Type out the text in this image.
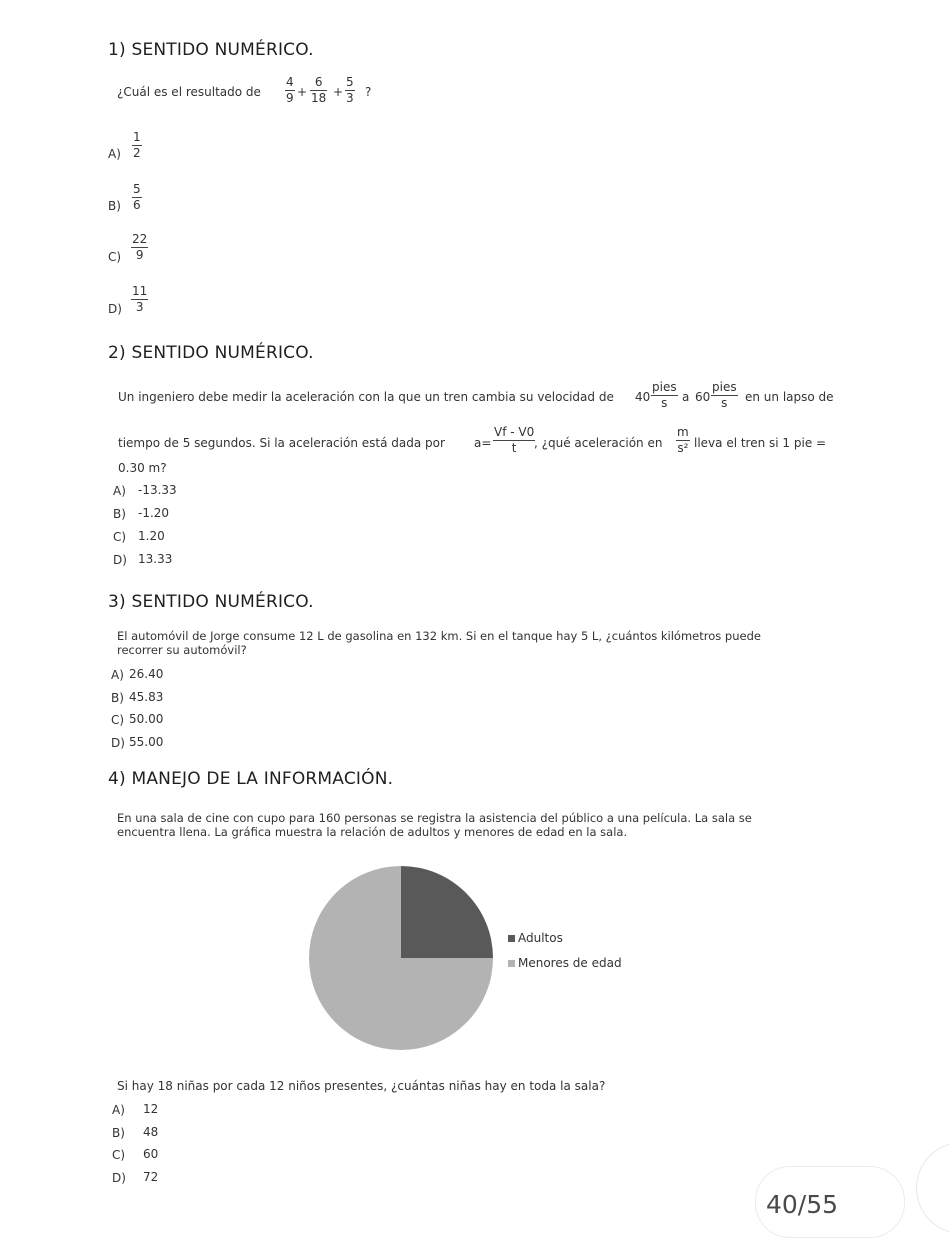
1) SENTIDO NUMÉRICO.
¿Cuál es el resultado de
4
9 +
6
18 +
5
3 ?
A)
1
2
B)
5
6
C)
22
9
D)
11
3
2) SENTIDO NUMÉRICO.
Un ingeniero debe medir la aceleración con la que un tren cambia su velocidad de 40
pies
s a 60
pies
s en un lapso de
tiempo de 5 segundos. Si la aceleración está dada por a=
Vf - V0
t , ¿qué aceleración en
m
s² lleva el tren si 1 pie =
0.30 m?
A) -13.33
B) -1.20
C) 1.20
D) 13.33
3) SENTIDO NUMÉRICO.
El automóvil de Jorge consume 12 L de gasolina en 132 km. Si en el tanque hay 5 L, ¿cuántos kilómetros puede
recorrer su automóvil?
A) 26.40
B) 45.83
C) 50.00
D) 55.00
4) MANEJO DE LA INFORMACIÓN.
En una sala de cine con cupo para 160 personas se registra la asistencia del público a una película. La sala se
encuentra llena. La gráfica muestra la relación de adultos y menores de edad en la sala.
Adultos
Menores de edad
Si hay 18 niñas por cada 12 niños presentes, ¿cuántas niñas hay en toda la sala?
A) 12
B) 48
C) 60
D) 72
40/55
